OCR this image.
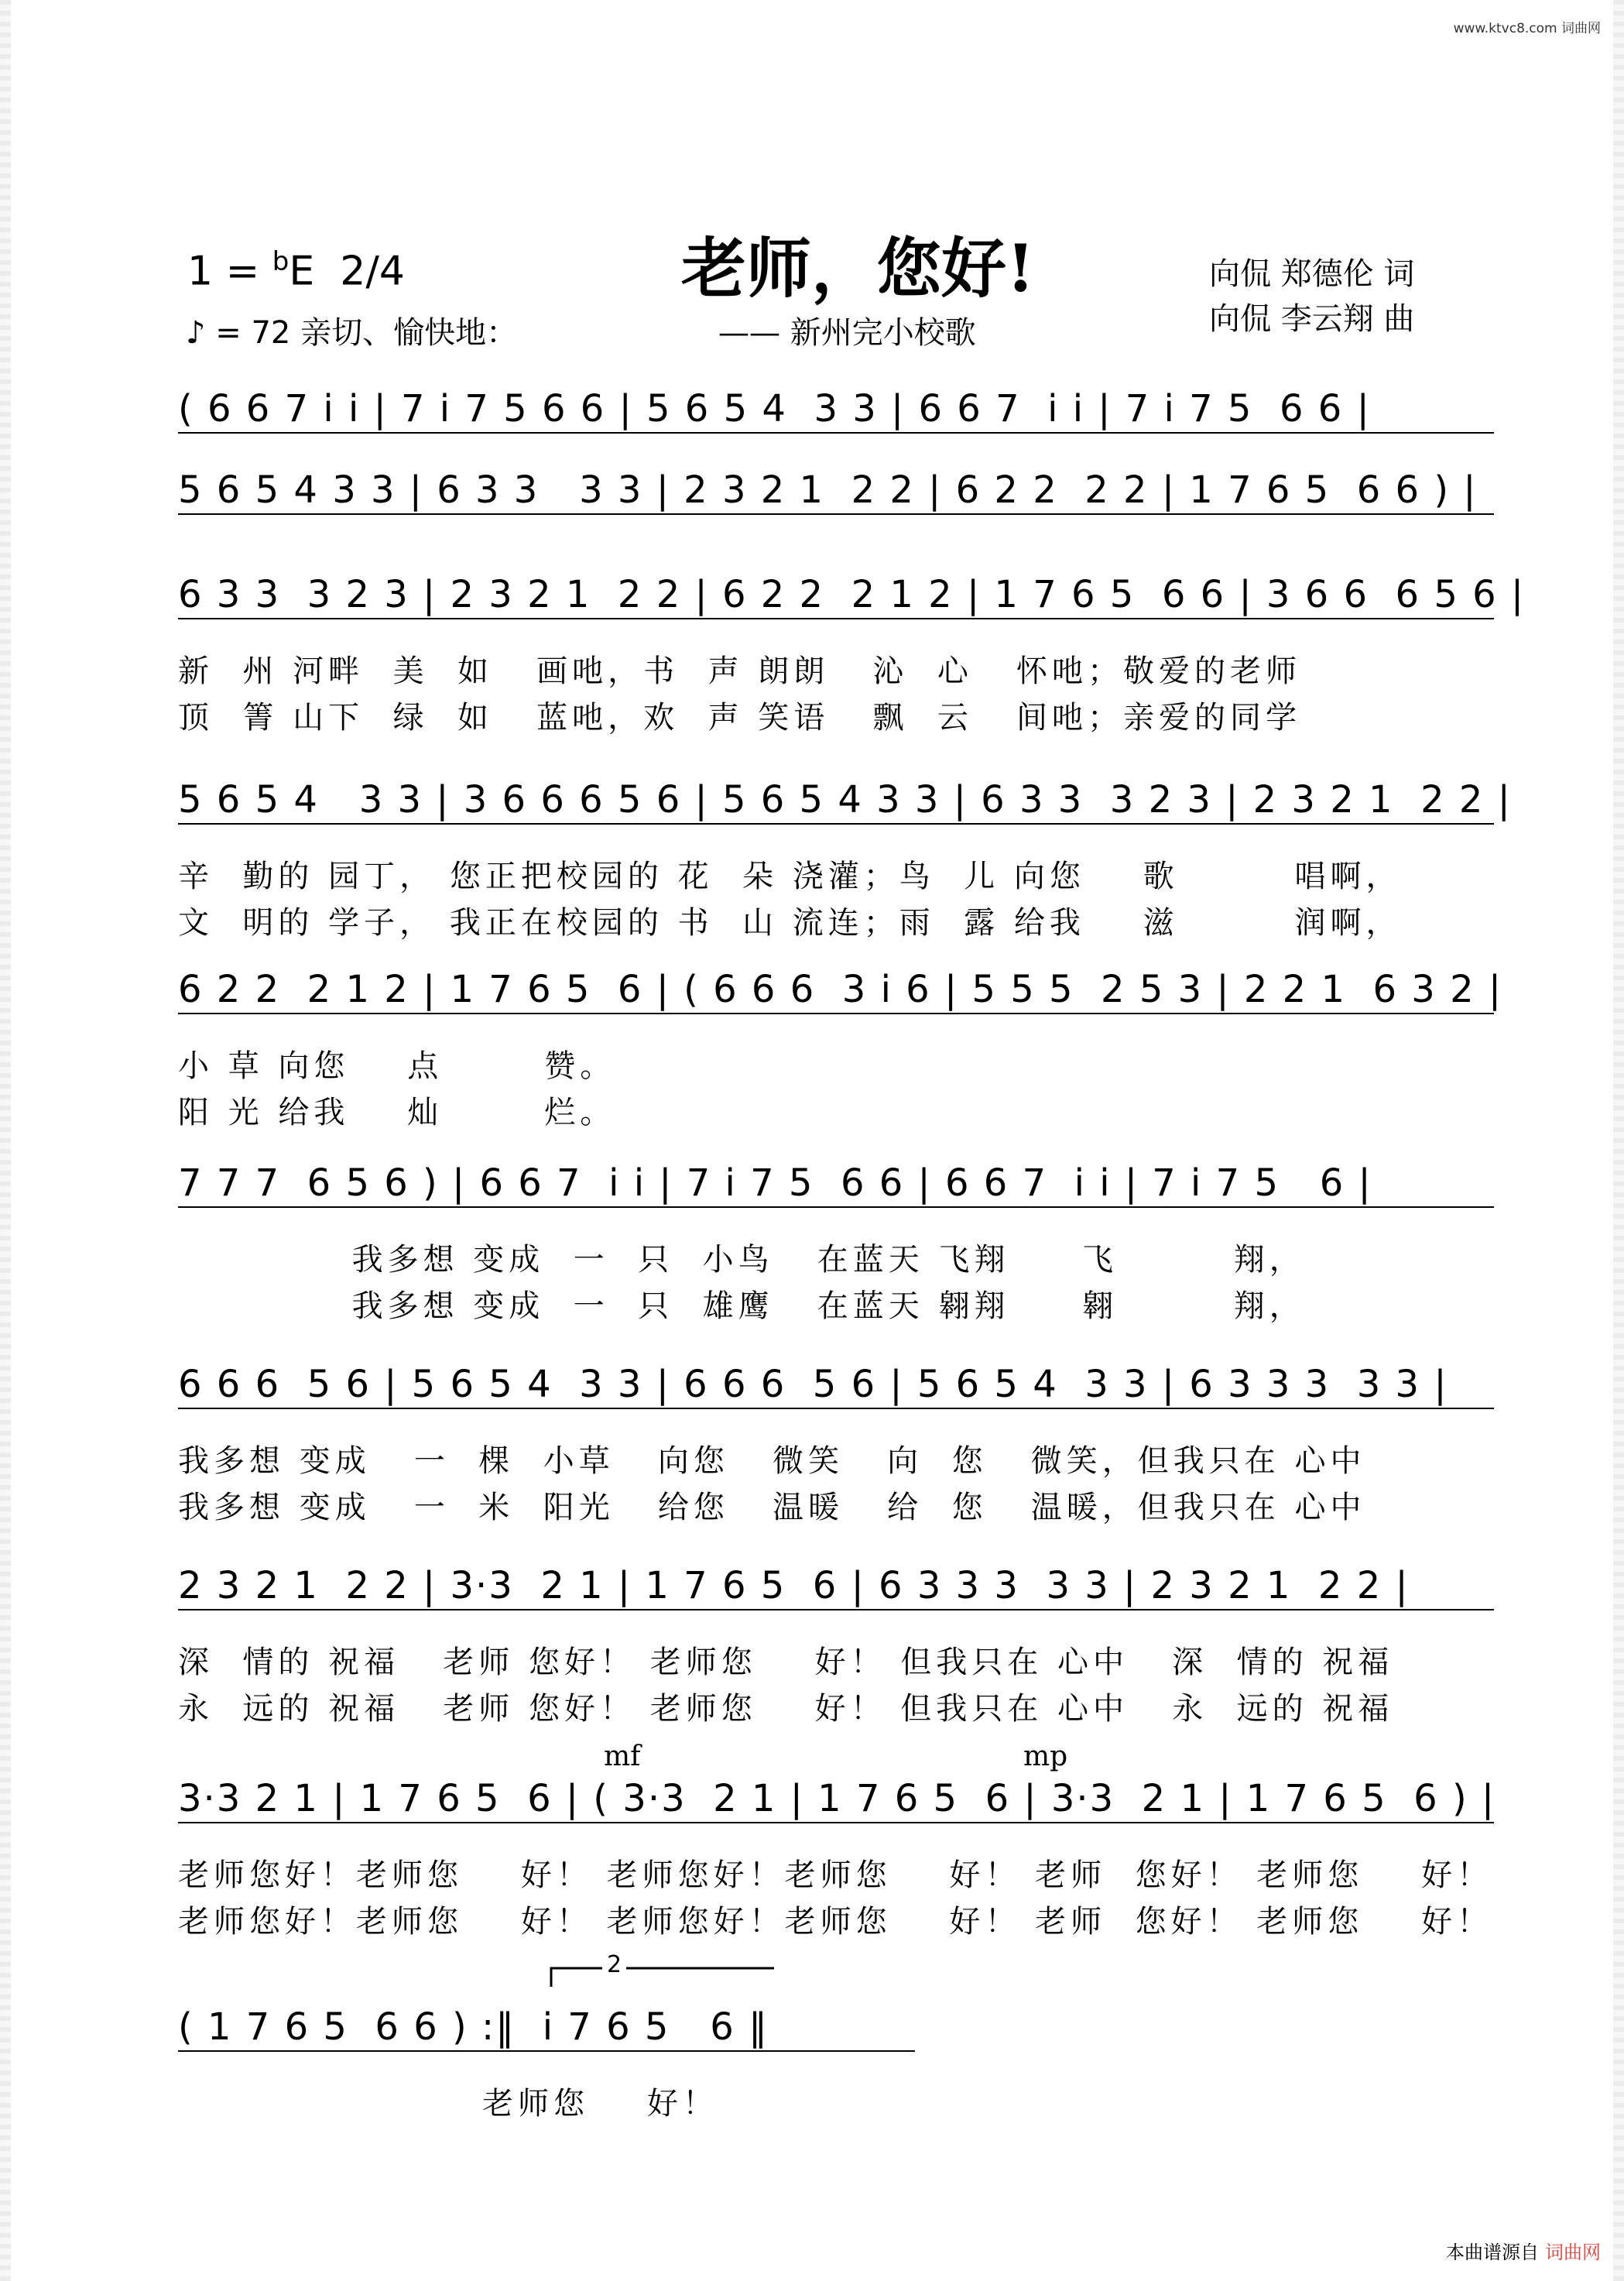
www.ktvc8.com 词曲网
老师，您好!
—— 新州完小校歌
1 = $^b$E 2/4
♪ = 72 亲切、愉快地：
向侃 郑德伦 词
向侃 李云翔 曲
( 6 6 7 i i | 7 i 7 5 6 6 | 5 6 5 4  3 3 | 6 6 7  i i | 7 i 7 5  6 6 |
5 6 5 4 3 3 | 6 3 3   3 3 | 2 3 2 1  2 2 | 6 2 2  2 2 | 1 7 6 5  6 6 ) |
6 3 3  3 2 3 | 2 3 2 1  2 2 | 6 2 2  2 1 2 | 1 7 6 5  6 6 | 3 6 6  6 5 6 |
新  州 河畔  美  如   画吔，书  声 朗朗   沁  心   怀吔；敬爱的老师
顶  箐 山下  绿  如   蓝吔，欢  声 笑语   飘  云   间吔；亲爱的同学
5 6 5 4   3 3 | 3 6 6 6 5 6 | 5 6 5 4 3 3 | 6 3 3  3 2 3 | 2 3 2 1  2 2 |
辛  勤的 园丁， 您正把校园的 花  朵 浇灌；鸟  儿 向您    歌        唱啊，
文  明的 学子， 我正在校园的 书  山 流连；雨  露 给我    滋        润啊，
6 2 2  2 1 2 | 1 7 6 5  6 | ( 6 6 6  3 i 6 | 5 5 5  2 5 3 | 2 2 1  6 3 2 |
小 草 向您    点       赞。
阳 光 给我    灿       烂。
7 7 7  6 5 6 ) | 6 6 7  i i | 7 i 7 5  6 6 | 6 6 7  i i | 7 i 7 5   6 |
我多想 变成  一  只  小鸟   在蓝天 飞翔     飞        翔，
我多想 变成  一  只  雄鹰   在蓝天 翱翔     翱        翔，
6 6 6  5 6 | 5 6 5 4  3 3 | 6 6 6  5 6 | 5 6 5 4  3 3 | 6 3 3 3  3 3 |
我多想 变成   一  棵  小草   向您   微笑   向  您   微笑，但我只在 心中
我多想 变成   一  米  阳光   给您   温暖   给  您   温暖，但我只在 心中
2 3 2 1  2 2 | 3·3  2 1 | 1 7 6 5  6 | 6 3 3 3  3 3 | 2 3 2 1  2 2 |
深  情的 祝福   老师 您好！ 老师您    好！ 但我只在 心中   深  情的 祝福
永  远的 祝福   老师 您好！ 老师您    好！ 但我只在 心中   永  远的 祝福
3·3 2 1 | 1 7 6 5  6 | ( 3·3  2 1 | 1 7 6 5  6 | 3·3  2 1 | 1 7 6 5  6 ) |
老师您好！老师您    好！ 老师您好！老师您    好！ 老师  您好！ 老师您    好！
老师您好！老师您    好！ 老师您好！老师您    好！ 老师  您好！ 老师您    好！
( 1 7 6 5  6 6 ) :‖  i 7 6 5   6 ‖
老师您    好！
mf	mp
2
本曲谱源自 词曲网
